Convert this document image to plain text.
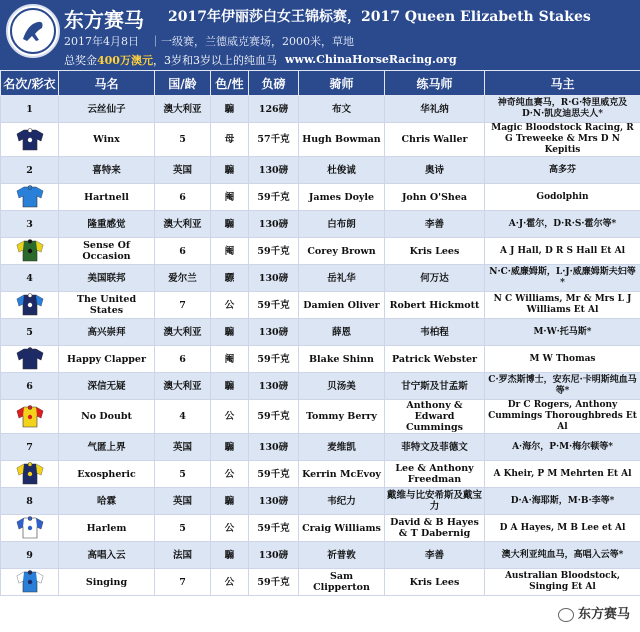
东方赛马 2017年伊丽莎白女王锦标赛，2017 Queen Elizabeth Stakes
2017年4月8日　｜一级赛，兰德威克赛场，2000米，草地
总奖金400万澳元，3岁和3岁以上的纯血马 www.ChinaHorseRacing.org
名次/彩衣	马名	国/龄	色/性	负磅	骑师	练马师	马主
1	云丝仙子	澳大利亚	騸	126磅	布文	华礼纳	神奇纯血赛马，R·G·特里威克及D·N·凯皮迪思夫人*

	Winx	5	母	57千克	Hugh Bowman	Chris Waller	Magic Bloodstock Racing, R G Treweeke & Mrs D N Kepitis
2	喜特来	英国	騸	130磅	杜俊诚	奥诗	高多芬

	Hartnell	6	阉	59千克	James Doyle	John O'Shea	Godolphin
3	隆重感觉	澳大利亚	騸	130磅	白布朗	李善	A·J·霍尔，D·R·S·霍尔等*

	Sense Of Occasion	6	阉	59千克	Corey Brown	Kris Lees	A J Hall, D R S Hall Et Al
4	美国联邦	爱尔兰	驃	130磅	岳礼华	何万达	N·C·威廉姆斯，L·J·威廉姆斯夫妇等*

	The United States	7	公	59千克	Damien Oliver	Robert Hickmott	N C Williams, Mr & Mrs L J Williams Et Al
5	高兴崇拜	澳大利亚	騸	130磅	薛恩	韦柏程	M·W·托马斯*

	Happy Clapper	6	阉	59千克	Blake Shinn	Patrick Webster	M W Thomas
6	深信无疑	澳大利亚	騸	130磅	贝汤美	甘宁斯及甘孟斯	C·罗杰斯博士，安东尼·卡明斯纯血马等*

	No Doubt	4	公	59千克	Tommy Berry	Anthony & Edward Cummings	Dr C Rogers, Anthony Cummings Thoroughbreds Et Al
7	气匿上界	英国	騸	130磅	麦维凯	菲特文及菲德文	A·海尔，P·M·梅尔顿等*

	Exospheric	5	公	59千克	Kerrin McEvoy	Lee & Anthony Freedman	A Kheir, P M Mehrten Et Al
8	哈霖	英国	騸	130磅	韦纪力	戴维与比安希斯及戴宝力	D·A·海耶斯，M·B·李等*

	Harlem	5	公	59千克	Craig Williams	David & B Hayes & T Dabernig	D A Hayes, M B Lee et Al
9	高唱入云	法国	騸	130磅	祈普敦	李善	澳大利亚纯血马，高唱入云等*

	Singing	7	公	59千克	Sam Clipperton	Kris Lees	Australian Bloodstock, Singing Et Al
东方赛马
